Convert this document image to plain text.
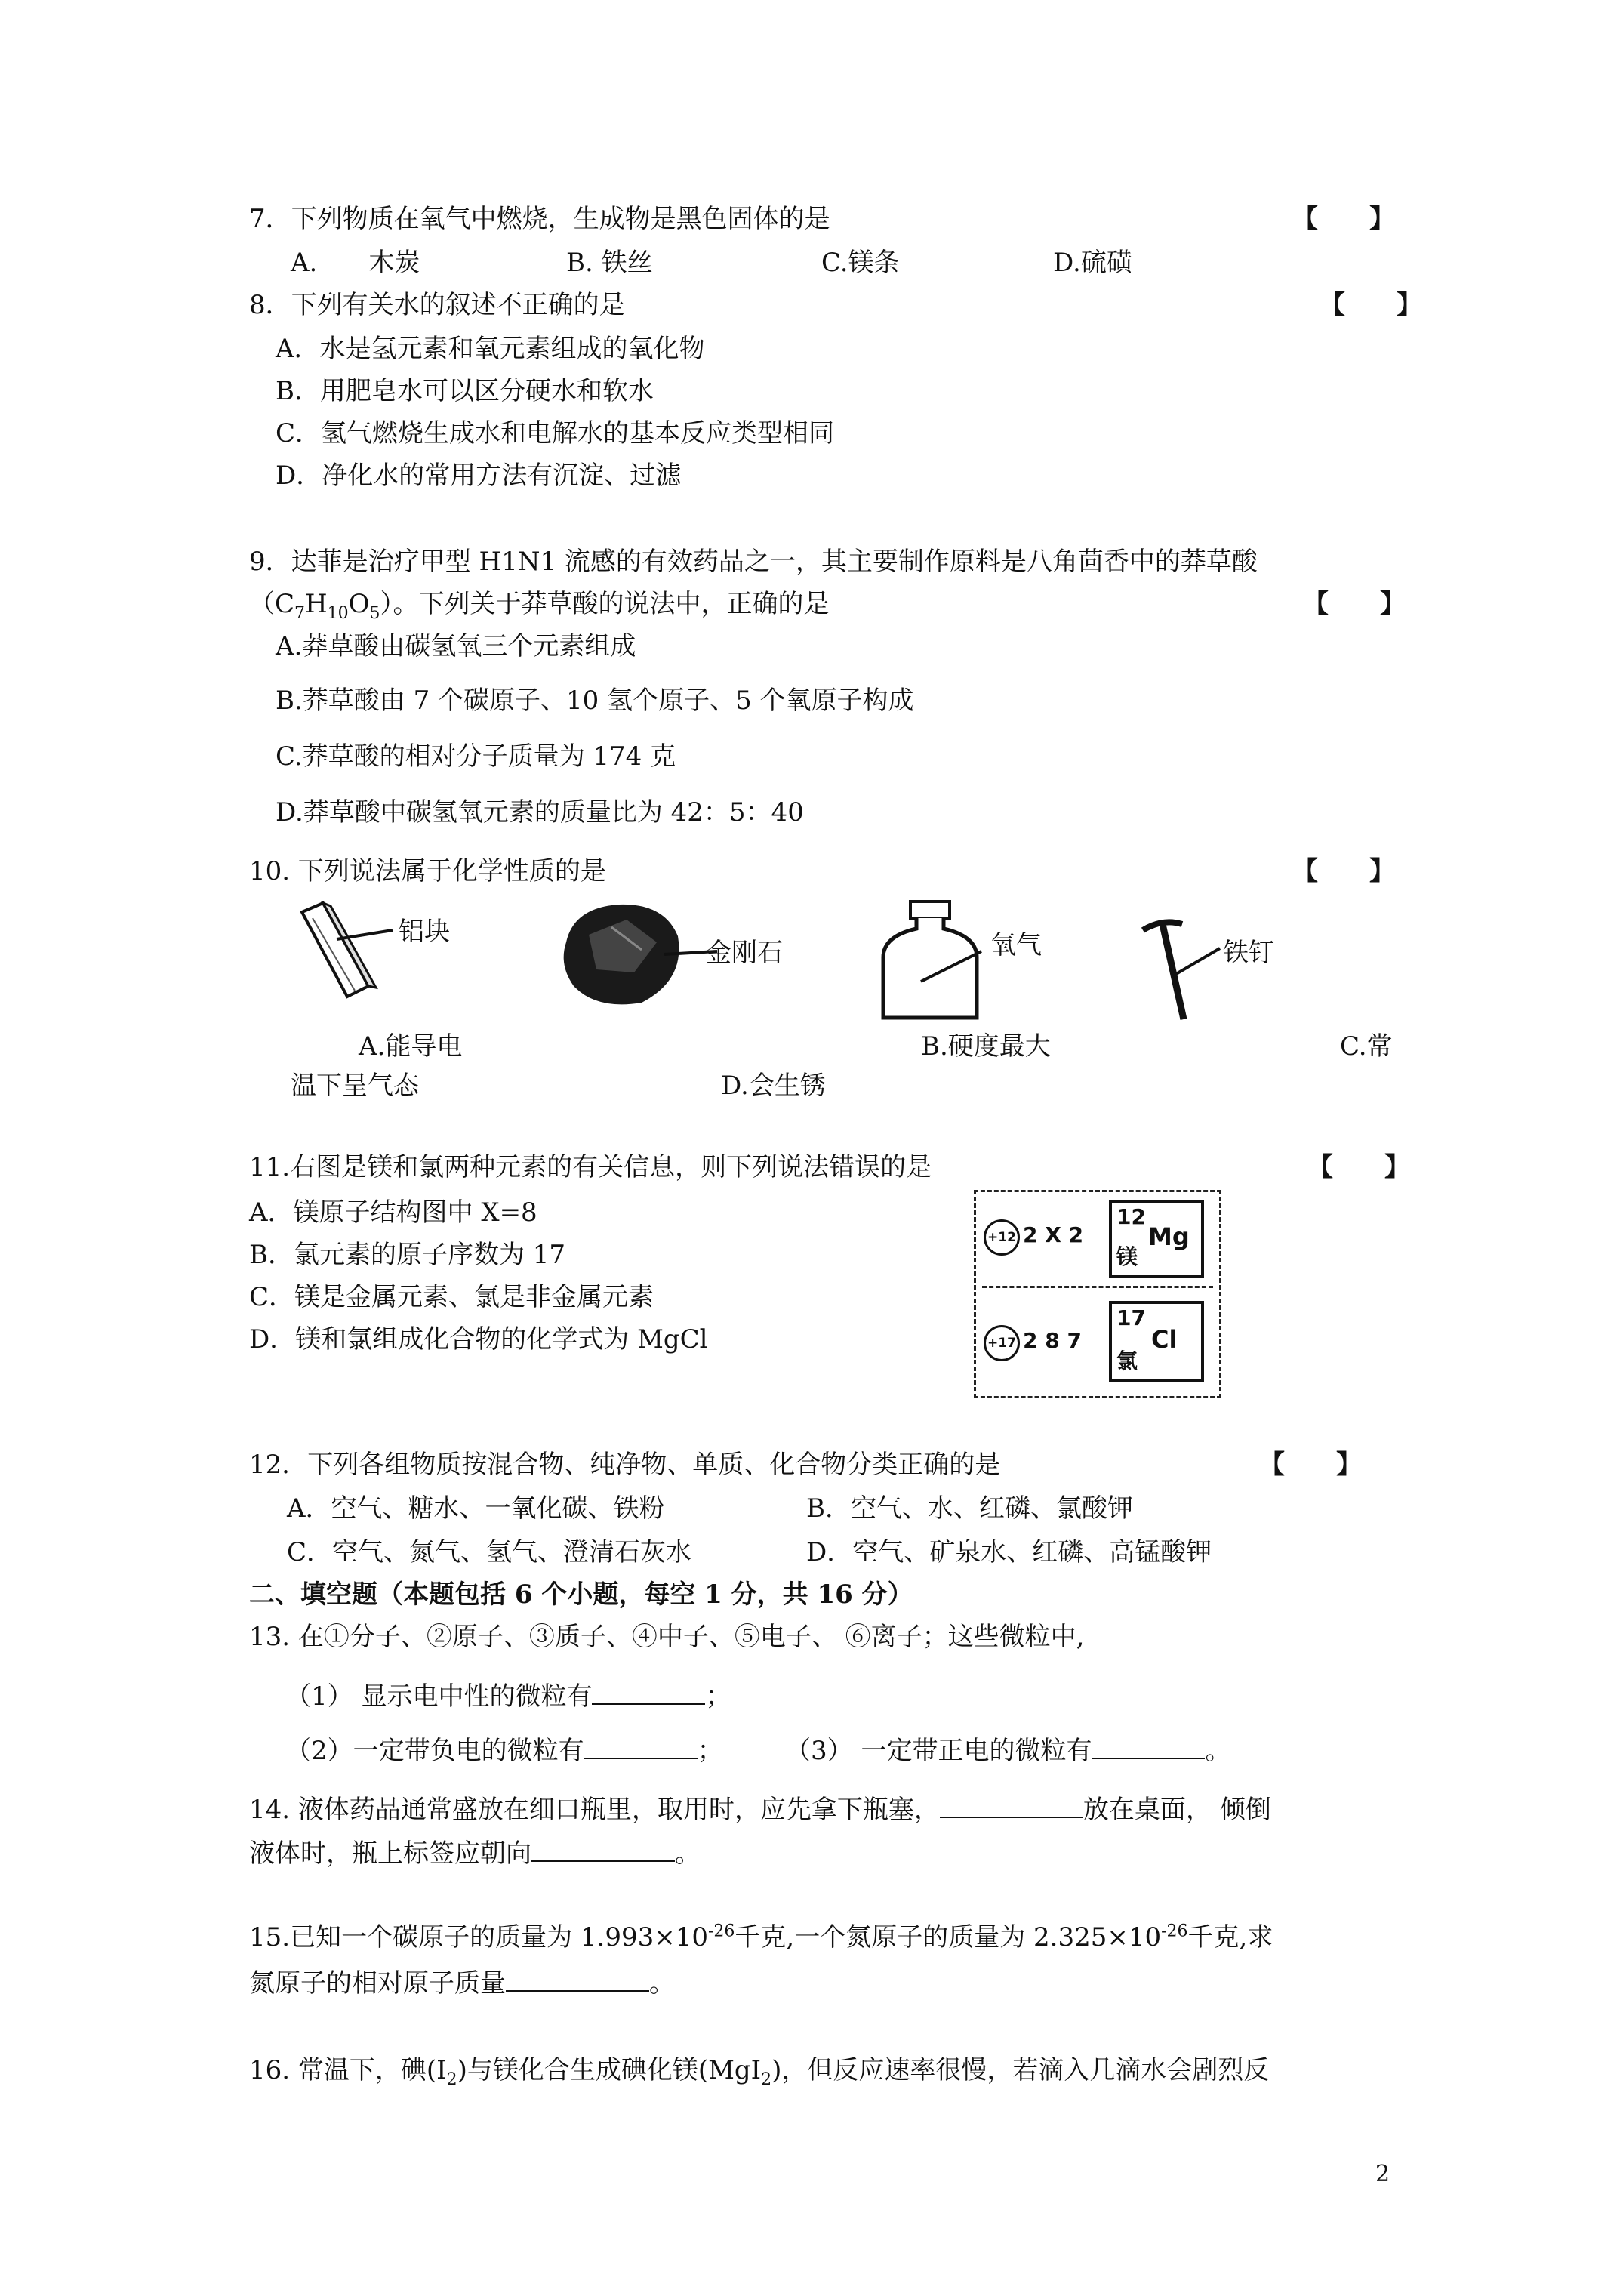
7．下列物质在氧气中燃烧，生成物是黑色固体的是	【　　】
A.　　木炭	B. 铁丝	C.镁条	D.硫磺
8．下列有关水的叙述不正确的是	【　　】
A．水是氢元素和氧元素组成的氧化物
B．用肥皂水可以区分硬水和软水
C．氢气燃烧生成水和电解水的基本反应类型相同
D．净化水的常用方法有沉淀、过滤
9．达菲是治疗甲型 H1N1 流感的有效药品之一，其主要制作原料是八角茴香中的莽草酸
$(C_7H_{10}O_5)$。下列关于莽草酸的说法中，正确的是	【　　】
A.莽草酸由碳氢氧三个元素组成
B.莽草酸由 7 个碳原子、10 氢个原子、5 个氧原子构成
C.莽草酸的相对分子质量为 174 克
D.莽草酸中碳氢氧元素的质量比为 42：5：40
10. 下列说法属于化学性质的是	【　　】
铝块
金刚石	氧气	铁钉
A.能导电	B.硬度最大	C.常
温下呈气态	D.会生锈
11.右图是镁和氯两种元素的有关信息，则下列说法错误的是	【　　】
A．镁原子结构图中 X=8
B．氯元素的原子序数为 17
C．镁是金属元素、氯是非金属元素
D．镁和氯组成化合物的化学式为 MgCl
+12 2 X 2
12
Mg
镁
+17 2 8 7
17
Cl
氯
12．下列各组物质按混合物、纯净物、单质、化合物分类正确的是	【　　】
A．空气、糖水、一氧化碳、铁粉	B．空气、水、红磷、氯酸钾
C．空气、氮气、氢气、澄清石灰水	D．空气、矿泉水、红磷、高锰酸钾
二、填空题（本题包括 6 个小题，每空 1 分，共 16 分）
13. 在①分子、②原子、③质子、④中子、⑤电子、 ⑥离子；这些微粒中,
（1） 显示电中性的微粒有	；
（2）一定带负电的微粒有	； （3） 一定带正电的微粒有	。
14. 液体药品通常盛放在细口瓶里，取用时，应先拿下瓶塞，	放在桌面， 倾倒
液体时，瓶上标签应朝向	。
15.已知一个碳原子的质量为 $1.993\times 10^{-26}$千克,一个氮原子的质量为 $2.325\times 10^{-26}$千克,求
氮原子的相对原子质量	。
16. 常温下，碘$(I_2)$与镁化合生成碘化镁(MgI$_2$)，但反应速率很慢，若滴入几滴水会剧烈反
2
